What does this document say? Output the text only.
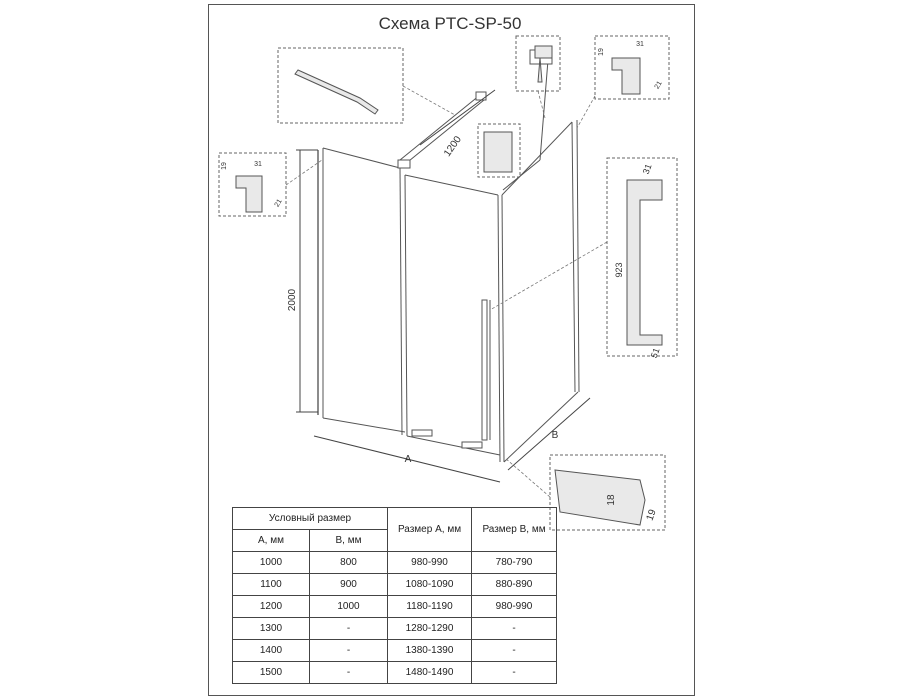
Схема PTC-SP-50
2000
A
B
1200
923
31
51
31
19
21
31
19
21
18
19
Условный размер		Размер А, мм	Размер В, мм
А, мм	В, мм		
1000	800	980-990	780-790
1100	900	1080-1090	880-890
1200	1000	1180-1190	980-990
1300	-	1280-1290	-
1400	-	1380-1390	-
1500	-	1480-1490	-
